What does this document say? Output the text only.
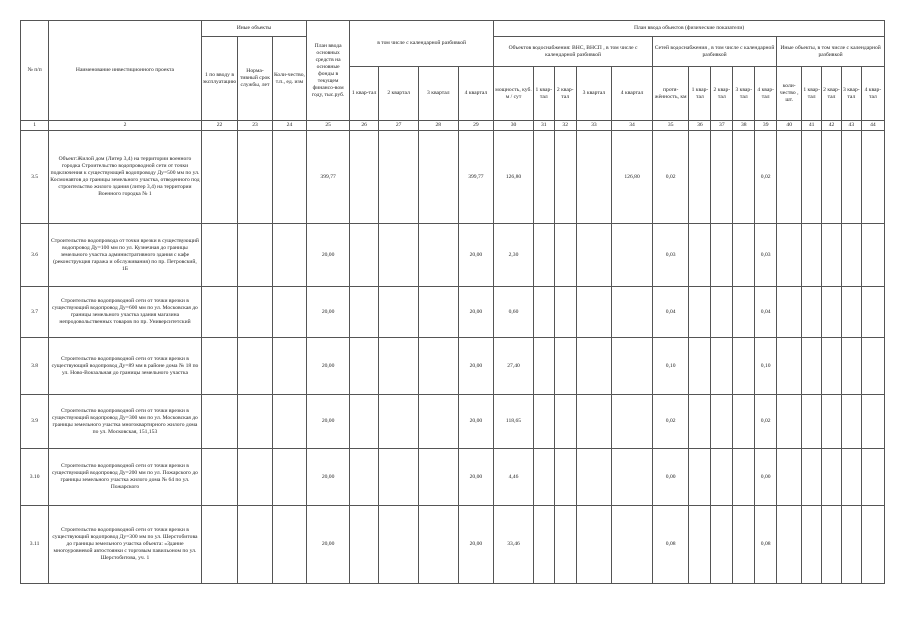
№ п/п	Наименование инвестиционного проекта	Иные объекты			План ввода основных средств на основные фонды в текущем финансо-вом году, тыс.руб.	в том числе с календарной разбивкой				План ввода объектов (физические показатели)														
		1 по вводу в эксплуатацию	Норма-тивный срок службы, лет	Коли-чество, т.п., ед. изм						Объектов водоснабжения: ВНС, ВНСП , в том числе с календарной разбивкой					Сетей водоснабжения , в том числе с календарной разбивкой					Иные объекты, в том числе с календарной разбивкой				
						1 квар-тал	2 квартал	3 квартал	4 квартал	мощность, куб. м / сут	1 квар-тал	2 квар-тал	3 квартал	4 квартал	протя-жённость, км	1 квар-тал	2 квар-тал	3 квар-тал	4 квар-тал	коли-чество , шт.	1 квар-тал	2 квар-тал	3 квар-тал	4 квар-тал
1	2	22	23	24	25	26	27	28	29	30	31	32	33	34	35	36	37	38	39	40	41	42	43	44
3.5	Объект:Жилой дом (Литер 3,4) на территории военного городка Строительство водопроводной сети от точки подключения к существующей водопроводу Ду=500 мм по ул. Космонавтов до границы земельного участка, отведенного под строительство жилого здания (литер 3,4) на территории Военного городка № 1				399,77				399,77	126,80				126,80	0,02				0,02					
3.6	Строительство водопровода от точки врезки в существующий водопровод Ду=100 мм по ул. Кузнечная до границы земельного участка административного здания с кафе (реконструкция гаража и обслуживания) по пр. Петровский, 1Б				20,00				20,00	2,30					0,03				0,03					
3.7	Строительство водопроводной сети от точки врезки в существующий водопровод Ду=600 мм по ул. Московская до границы земельного участка здания магазина непродовольственных товаров по пр. Университетский				20,00				20,00	0,60					0,04				0,04					
3.8	Строительство водопроводной сети от точки врезки в существующий водопровод Ду=89 мм в районе дома № 18 по ул. Ново-Вокзальная до границы земельного участка				20,00				20,00	27,40					0,10				0,10					
3.9	Строительство водопроводной сети от точки врезки в существующий водопровод Ду=300 мм по ул. Московская до границы земельного участка многоквартирного жилого дома по ул. Московская, 151,153				20,00				20,00	118,65					0,02				0,02					
3.10	Строительство водопроводной сети от точки врезки в существующий водопровод Ду=200 мм по ул. Пожарского до границы земельного участка жилого дома № 64 по ул. Пожарского				20,00				20,00	4,46					0,00				0,00					
3.11	Строительство водопроводной сети от точки врезки в существующий водопровод Ду=300 мм по ул. Шерстобитова до границы земельного участка объекта: «Здание многоуровневой автостоянки с торговым павильоном по ул. Шерстобитова, уч. 1				20,00				20,00	33,46					0,08				0,08					
